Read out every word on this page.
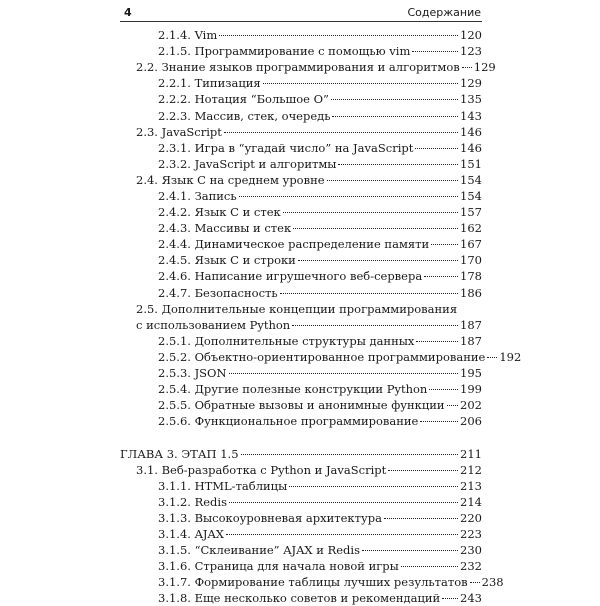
4	Содержание
2.1.4. Vim	120
2.1.5. Программирование с помощью vim	123
2.2. Знание языков программирования и алгоритмов 129
2.2.1. Типизация	129
2.2.2. Нотация “Большое О”	135
2.2.3. Массив, стек, очередь	143
2.3. JavaScript	146
2.3.1. Игра в “угадай число” на JavaScript	146
2.3.2. JavaScript и алгоритмы	151
2.4. Язык С на среднем уровне	154
2.4.1. Запись	154
2.4.2. Язык С и стек	157
2.4.3. Массивы и стек	162
2.4.4. Динамическое распределение памяти	167
2.4.5. Язык С и строки	170
2.4.6. Написание игрушечного веб-сервера	178
2.4.7. Безопасность	186
2.5. Дополнительные концепции программирования
с использованием Python	187
2.5.1. Дополнительные структуры данных	187
2.5.2. Объектно-ориентированное программирование 192
2.5.3. JSON	195
2.5.4. Другие полезные конструкции Python	199
2.5.5. Обратные вызовы и анонимные функции 202
2.5.6. Функциональное программирование	206
ГЛАВА 3. ЭТАП 1.5	211
3.1. Веб-разработка с Python и JavaScript	212
3.1.1. HTML-таблицы	213
3.1.2. Redis	214
3.1.3. Высокоуровневая архитектура	220
3.1.4. AJAX	223
3.1.5. “Склеивание” AJAX и Redis	230
3.1.6. Страница для начала новой игры	232
3.1.7. Формирование таблицы лучших результатов 238
3.1.8. Еще несколько советов и рекомендаций 243
